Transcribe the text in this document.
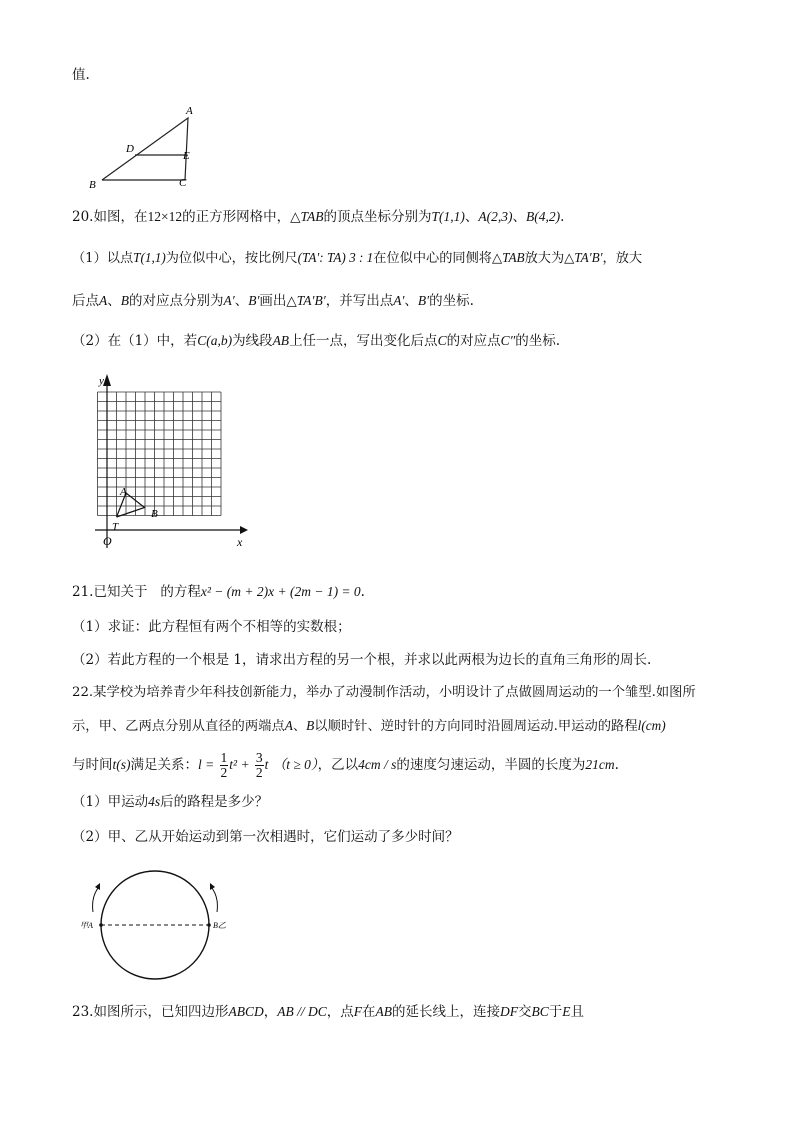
值.
A
D
E
B	C
20.如图，在12×12的正方形网格中，△TAB的顶点坐标分别为T(1,1)、A(2,3)、B(4,2).
（1）以点T(1,1)为位似中心，按比例尺(TA′: TA) 3 : 1在位似中心的同侧将△TAB放大为△TA′B′，放大
后点A、B的对应点分别为A′、B′画出△TA′B′，并写出点A′、B′的坐标.
（2）在（1）中，若C(a,b)为线段AB上任一点，写出变化后点C的对应点C″的坐标.
y
x
O
T
A
B
21.已知关于 的方程x² − (m + 2)x + (2m − 1) = 0.
（1）求证：此方程恒有两个不相等的实数根；
（2）若此方程的一个根是 1，请求出方程的另一个根，并求以此两根为边长的直角三角形的周长.
22.某学校为培养青少年科技创新能力，举办了动漫制作活动，小明设计了点做圆周运动的一个雏型.如图所
示，甲、乙两点分别从直径的两端点A、B以顺时针、逆时针的方向同时沿圆周运动.甲运动的路程l(cm)
与时间t(s)满足关系：$l = \frac{1}{2} t^2 + \frac{3}{2}$ t （t ≥ 0），乙以4cm / s的速度匀速运动，半圆的长度为21cm.
（1）甲运动4s后的路程是多少？
（2）甲、乙从开始运动到第一次相遇时，它们运动了多少时间？
甲A	B乙
23.如图所示，已知四边形ABCD，AB // DC，点F在AB的延长线上，连接DF交BC于E且
